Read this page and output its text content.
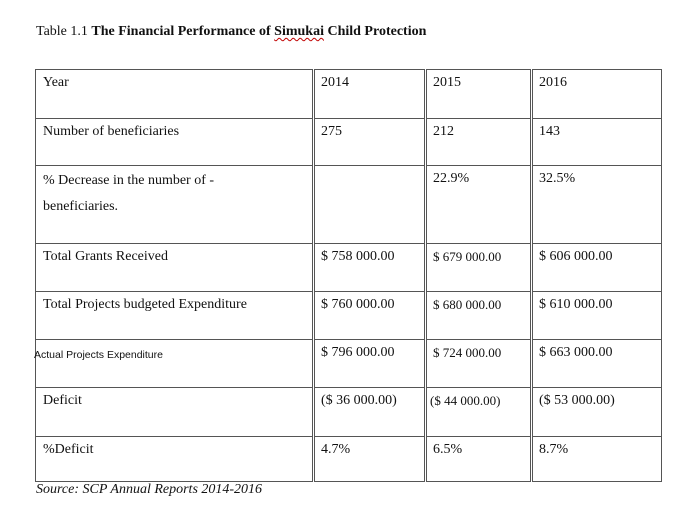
Table 1.1 The Financial Performance of Simukai Child Protection
Year	2014	2015	2016

Number of beneficiaries	275	212	143

% Decrease in the number of -beneficiaries.		22.9%	32.5%

Total Grants Received	$ 758 000.00	$ 679 000.00	$ 606 000.00

Total Projects budgeted Expenditure	$ 760 000.00	$ 680 000.00	$ 610 000.00

Actual Projects Expenditure	$ 796 000.00	$ 724 000.00	$ 663 000.00

Deficit	($ 36 000.00)	($ 44 000.00)	($ 53 000.00)

%Deficit	4.7%	6.5%	8.7%
Source: SCP Annual Reports 2014-2016
